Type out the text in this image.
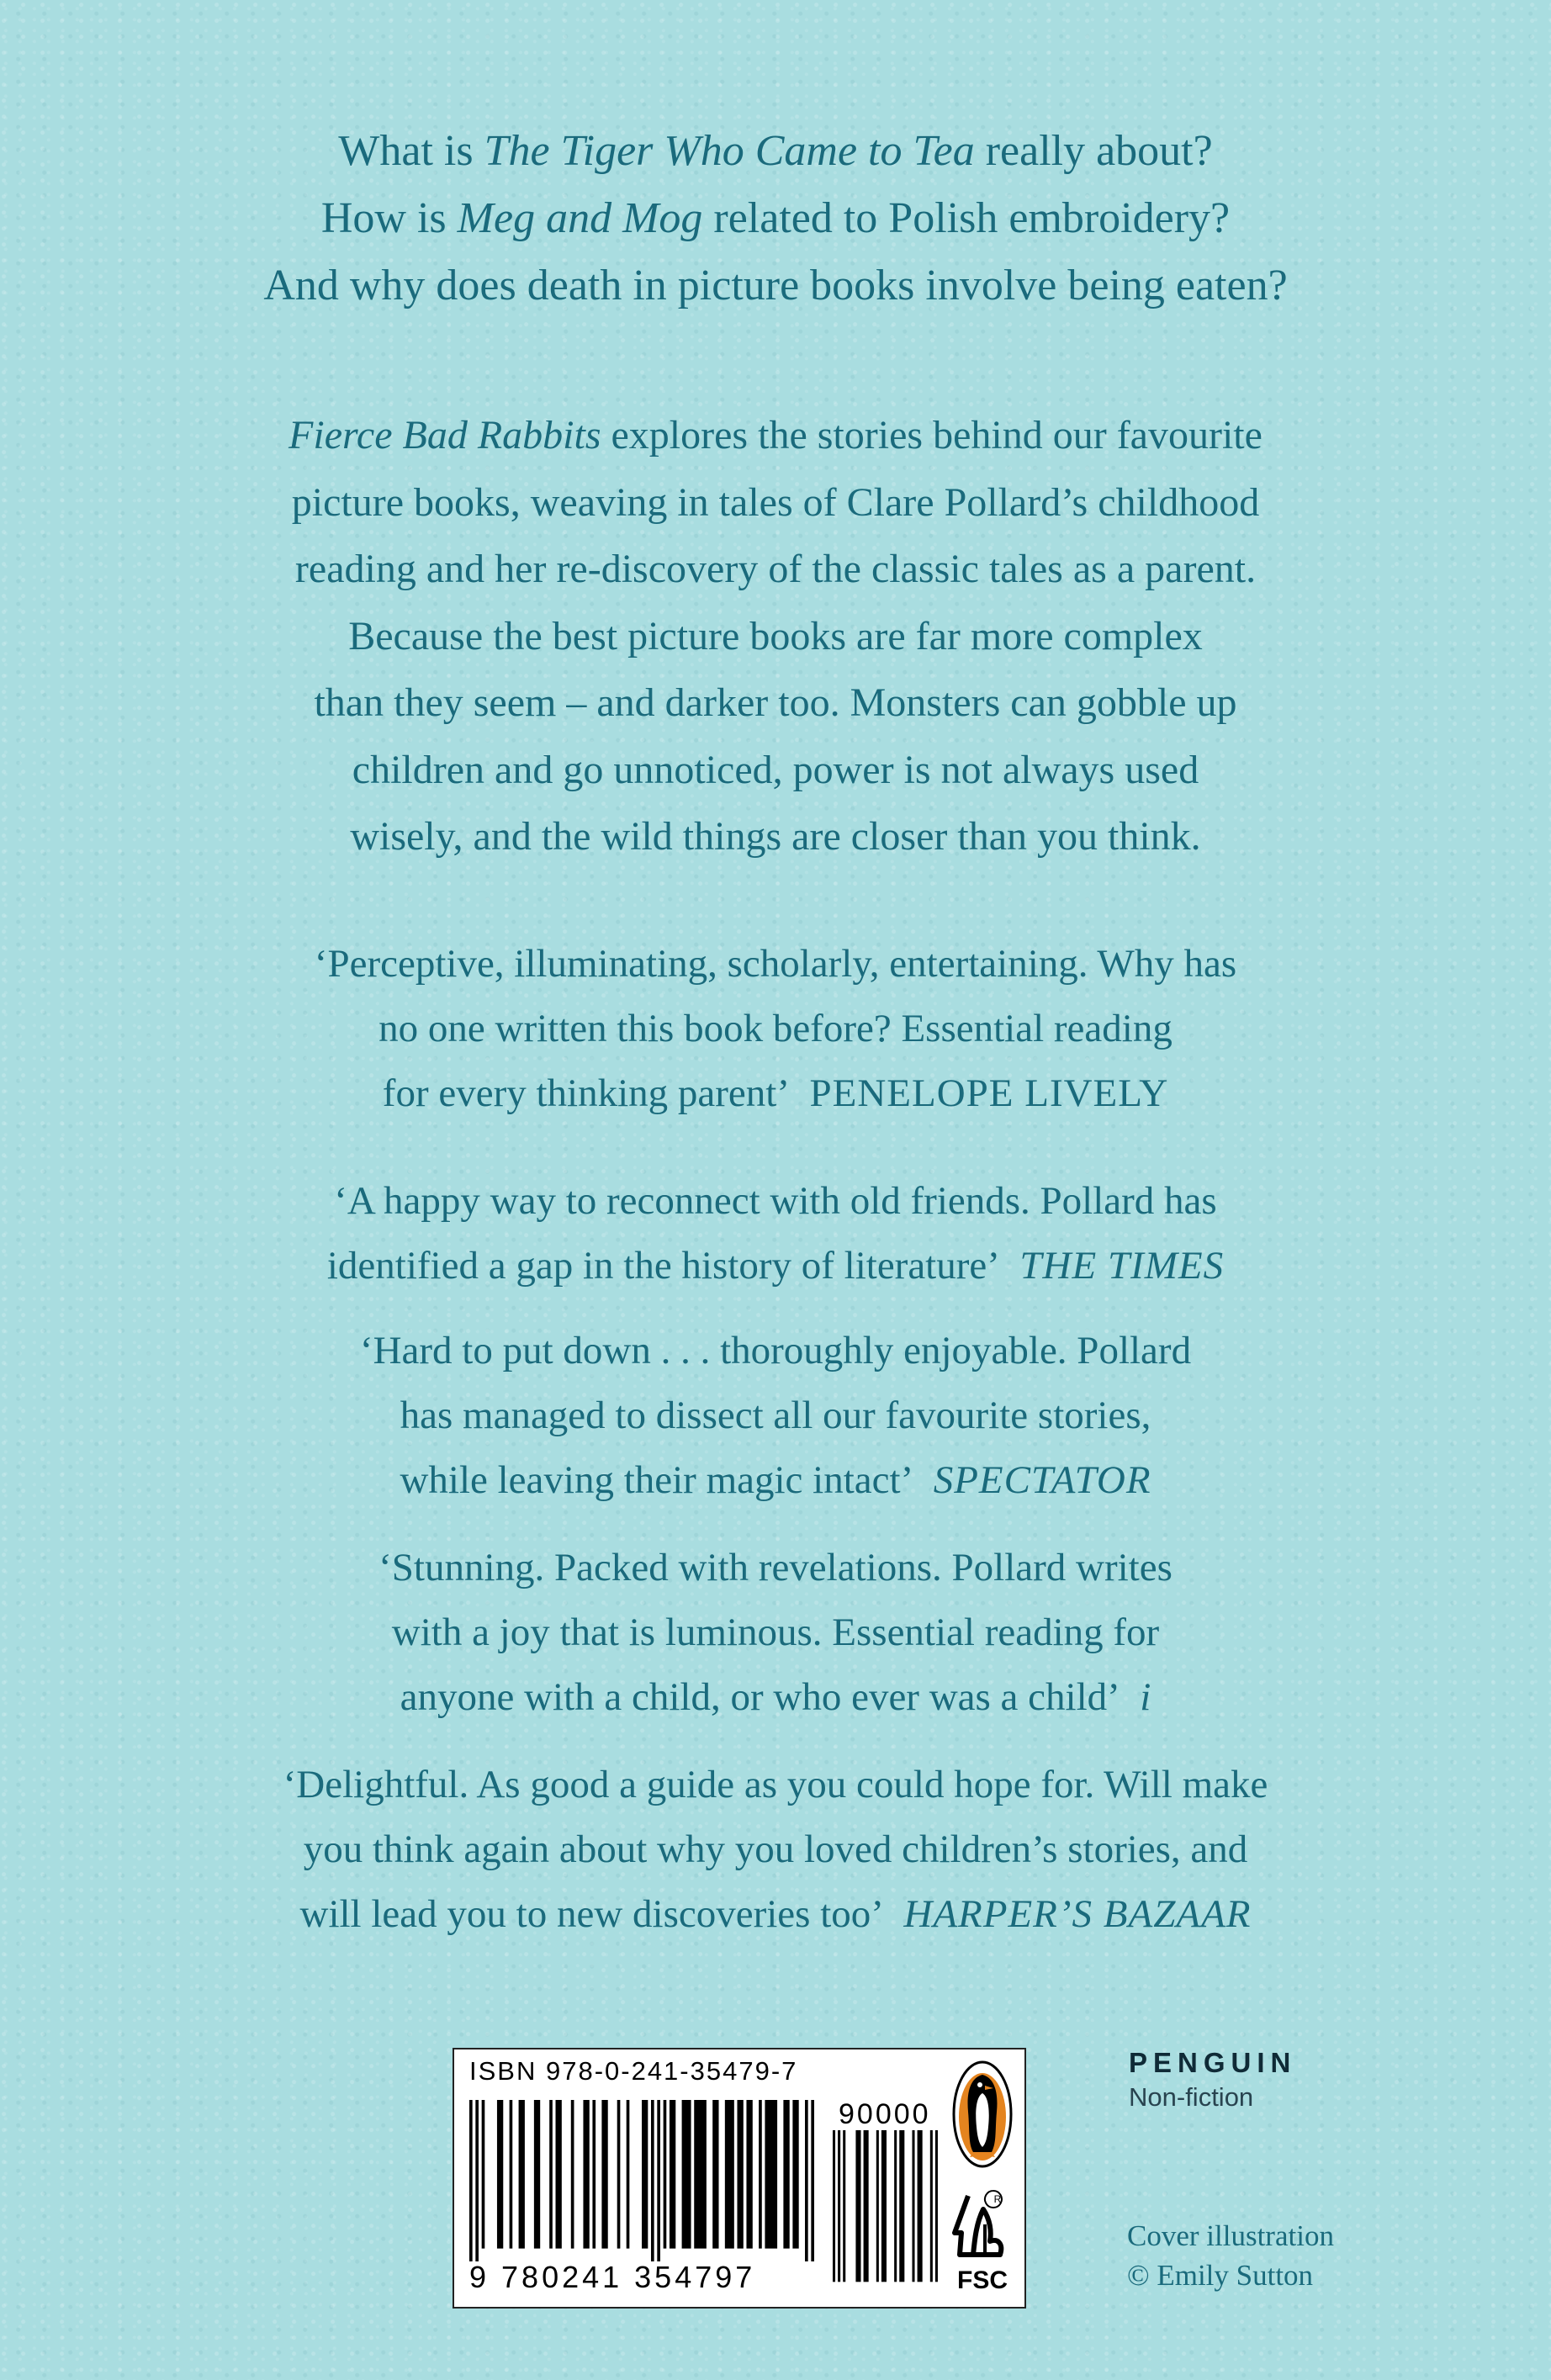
What is The Tiger Who Came to Tea really about?
How is Meg and Mog related to Polish embroidery?
And why does death in picture books involve being eaten?
Fierce Bad Rabbits explores the stories behind our favourite
picture books, weaving in tales of Clare Pollard’s childhood
reading and her re-discovery of the classic tales as a parent.
Because the best picture books are far more complex
than they seem – and darker too. Monsters can gobble up
children and go unnoticed, power is not always used
wisely, and the wild things are closer than you think.
‘Perceptive, illuminating, scholarly, entertaining. Why has
no one written this book before? Essential reading
for every thinking parent’ PENELOPE LIVELY
‘A happy way to reconnect with old friends. Pollard has
identified a gap in the history of literature’ THE TIMES
‘Hard to put down . . . thoroughly enjoyable. Pollard
has managed to dissect all our favourite stories,
while leaving their magic intact’ SPECTATOR
‘Stunning. Packed with revelations. Pollard writes
with a joy that is luminous. Essential reading for
anyone with a child, or who ever was a child’ i
‘Delightful. As good a guide as you could hope for. Will make
you think again about why you loved children’s stories, and
will lead you to new discoveries too’ HARPER’S BAZAAR
ISBN 978-0-241-35479-7
9 780241 354797
90000
R
FSC
PENGUIN
Non-fiction
Cover illustration
© Emily Sutton
